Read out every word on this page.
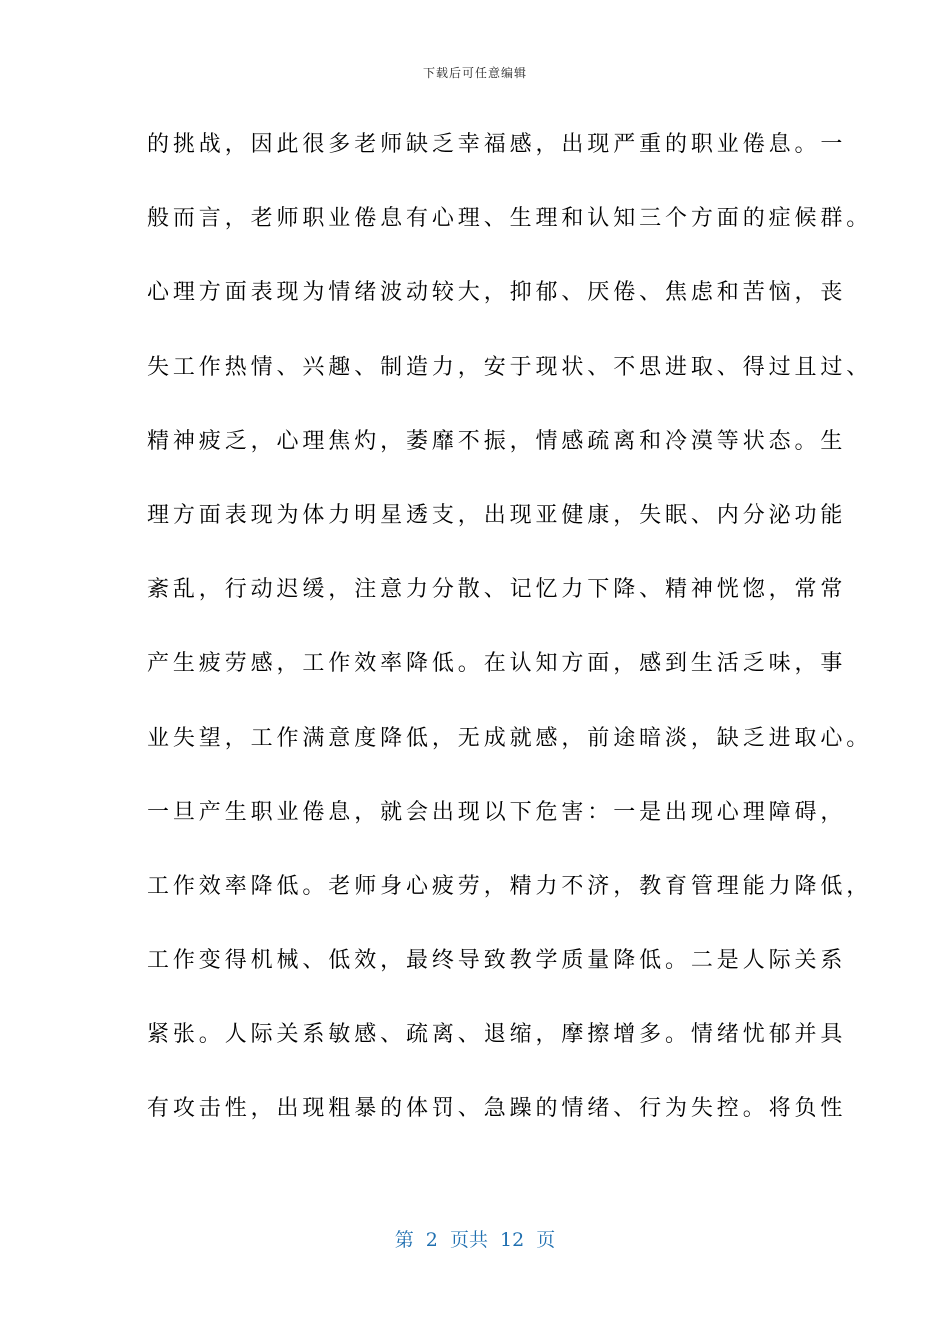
下载后可任意编辑
的挑战，因此很多老师缺乏幸福感，出现严重的职业倦息。一
般而言，老师职业倦息有心理、生理和认知三个方面的症候群。
心理方面表现为情绪波动较大，抑郁、厌倦、焦虑和苦恼，丧
失工作热情、兴趣、制造力，安于现状、不思进取、得过且过、
精神疲乏，心理焦灼，萎靡不振，情感疏离和冷漠等状态。生
理方面表现为体力明星透支，出现亚健康，失眠、内分泌功能
紊乱，行动迟缓，注意力分散、记忆力下降、精神恍惚，常常
产生疲劳感，工作效率降低。在认知方面，感到生活乏味，事
业失望，工作满意度降低，无成就感，前途暗淡，缺乏进取心。
一旦产生职业倦息，就会出现以下危害：一是出现心理障碍，
工作效率降低。老师身心疲劳，精力不济，教育管理能力降低，
工作变得机械、低效，最终导致教学质量降低。二是人际关系
紧张。人际关系敏感、疏离、退缩，摩擦增多。情绪忧郁并具
有攻击性，出现粗暴的体罚、急躁的情绪、行为失控。将负性
第  2  页共  12  页
